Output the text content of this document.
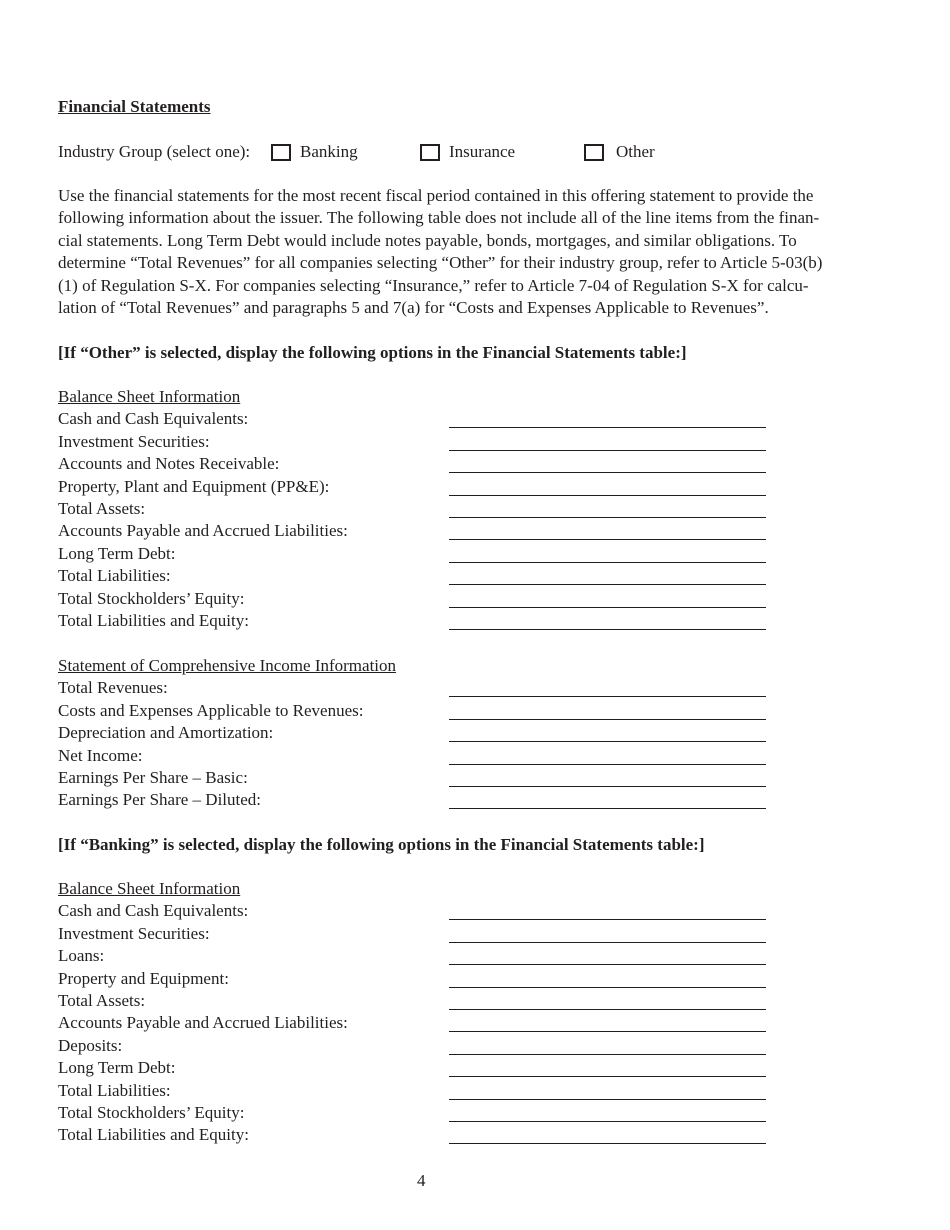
Financial Statements
Industry Group (select one):	Banking	Insurance	Other
Use the financial statements for the most recent fiscal period contained in this offering statement to provide the
following information about the issuer. The following table does not include all of the line items from the finan-
cial statements. Long Term Debt would include notes payable, bonds, mortgages, and similar obligations. To
determine “Total Revenues” for all companies selecting “Other” for their industry group, refer to Article 5-03(b)
(1) of Regulation S-X. For companies selecting “Insurance,” refer to Article 7-04 of Regulation S-X for calcu-
lation of “Total Revenues” and paragraphs 5 and 7(a) for “Costs and Expenses Applicable to Revenues”.
[If “Other” is selected, display the following options in the Financial Statements table:]
Balance Sheet Information
Cash and Cash Equivalents:
Investment Securities:
Accounts and Notes Receivable:
Property, Plant and Equipment (PP&E):
Total Assets:
Accounts Payable and Accrued Liabilities:
Long Term Debt:
Total Liabilities:
Total Stockholders’ Equity:
Total Liabilities and Equity:
Statement of Comprehensive Income Information
Total Revenues:
Costs and Expenses Applicable to Revenues:
Depreciation and Amortization:
Net Income:
Earnings Per Share – Basic:
Earnings Per Share – Diluted:
[If “Banking” is selected, display the following options in the Financial Statements table:]
Balance Sheet Information
Cash and Cash Equivalents:
Investment Securities:
Loans:
Property and Equipment:
Total Assets:
Accounts Payable and Accrued Liabilities:
Deposits:
Long Term Debt:
Total Liabilities:
Total Stockholders’ Equity:
Total Liabilities and Equity:
4
